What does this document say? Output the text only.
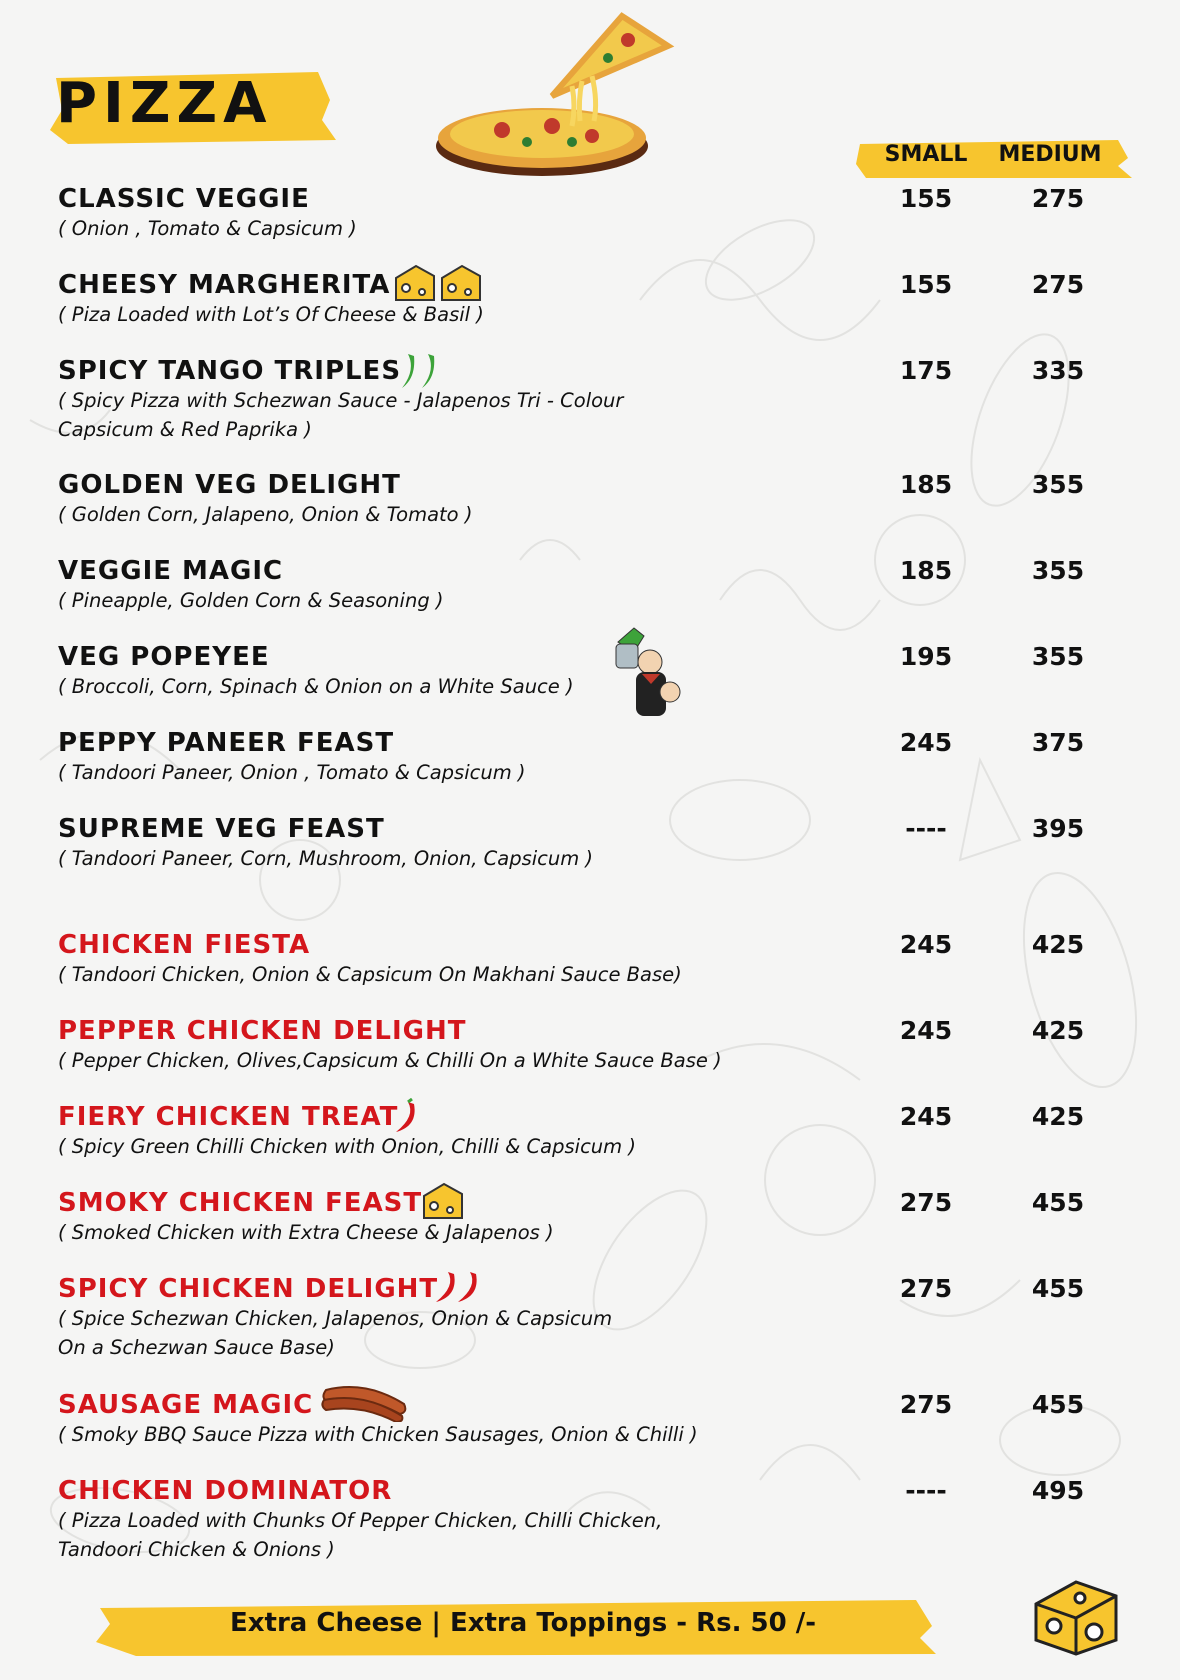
PIZZA
SMALL	MEDIUM
CLASSIC VEGGIE
( Onion , Tomato & Capsicum )
155	275
CHEESY MARGHERITA
( Piza Loaded with Lot’s Of Cheese & Basil )
155	275
SPICY TANGO TRIPLES
( Spicy Pizza with Schezwan Sauce - Jalapenos Tri - Colour
Capsicum & Red Paprika )
175	335
GOLDEN VEG DELIGHT
( Golden Corn, Jalapeno, Onion & Tomato )
185	355
VEGGIE MAGIC
( Pineapple, Golden Corn & Seasoning )
185	355
VEG POPEYEE
( Broccoli, Corn, Spinach & Onion on a White Sauce )
195	355
PEPPY PANEER FEAST
( Tandoori Paneer, Onion , Tomato & Capsicum )
245	375
SUPREME VEG FEAST
( Tandoori Paneer, Corn, Mushroom, Onion, Capsicum )
----	395
CHICKEN FIESTA
( Tandoori Chicken, Onion & Capsicum On Makhani Sauce Base)
245	425
PEPPER CHICKEN DELIGHT
( Pepper Chicken, Olives,Capsicum & Chilli On a White Sauce Base )
245	425
FIERY CHICKEN TREAT
( Spicy Green Chilli Chicken with Onion, Chilli & Capsicum )
245	425
SMOKY CHICKEN FEAST
( Smoked Chicken with Extra Cheese & Jalapenos )
275	455
SPICY CHICKEN DELIGHT
( Spice Schezwan Chicken, Jalapenos, Onion & Capsicum
On a Schezwan Sauce Base)
275	455
SAUSAGE MAGIC
( Smoky BBQ Sauce Pizza with Chicken Sausages, Onion & Chilli )
275	455
CHICKEN DOMINATOR
( Pizza Loaded with Chunks Of Pepper Chicken, Chilli Chicken,
Tandoori Chicken & Onions )
----	495
Extra Cheese | Extra Toppings - Rs. 50 /-
